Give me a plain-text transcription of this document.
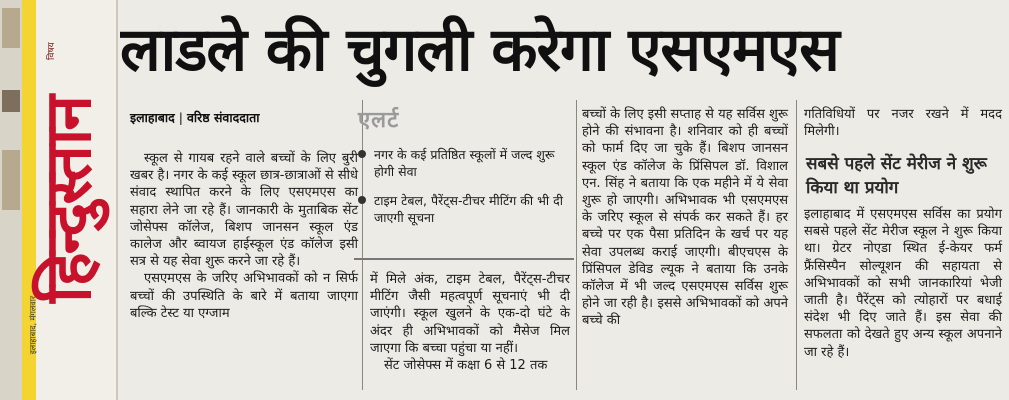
विषय
इलाहाबाद, मंगलवार
हिन्दुस्तान
लाडले की चुगली करेगा एसएमएस
इलाहाबाद | वरिष्ठ संवाददाता

स्कूल से गायब रहने वाले बच्चों के लिए बुरी खबर है। नगर के कई स्कूल छात्र-छात्राओं से सीधे संवाद स्थापित करने के लिए एसएमएस का सहारा लेने जा रहे हैं। जानकारी के मुताबिक सेंट जोसेफ्स कॉलेज, बिशप जानसन स्कूल एंड कालेज और ब्वायज हाईस्कूल एंड कॉलेज इसी सत्र से यह सेवा शुरू करने जा रहे हैं।

एसएमएस के जरिए अभिभावकों को न सिर्फ बच्चों की उपस्थिति के बारे में बताया जाएगा बल्कि टेस्ट या एग्जाम

एलर्ट
नगर के कई प्रतिष्ठित स्कूलों में जल्द शुरू होगी सेवा
टाइम टेबल, पैरेंट्स-टीचर मीटिंग की भी दी जाएगी सूचना

में मिले अंक, टाइम टेबल, पैरेंट्स-टीचर मीटिंग जैसी महत्वपूर्ण सूचनाएं भी दी जाएंगी। स्कूल खुलने के एक-दो घंटे के अंदर ही अभिभावकों को मैसेज मिल जाएगा कि बच्चा पहुंचा या नहीं।

सेंट जोसेफ्स में कक्षा 6 से 12 तक

बच्चों के लिए इसी सप्ताह से यह सर्विस शुरू होने की संभावना है। शनिवार को ही बच्चों को फार्म दिए जा चुके हैं। बिशप जानसन स्कूल एंड कॉलेज के प्रिंसिपल डॉ. विशाल एन. सिंह ने बताया कि एक महीने में ये सेवा शुरू हो जाएगी। अभिभावक भी एसएमएस के जरिए स्कूल से संपर्क कर सकते हैं। हर बच्चे पर एक पैसा प्रतिदिन के खर्च पर यह सेवा उपलब्ध कराई जाएगी। बीएचएस के प्रिंसिपल डेविड ल्यूक ने बताया कि उनके कॉलेज में भी जल्द एसएमएस सर्विस शुरू होने जा रही है। इससे अभिभावकों को अपने बच्चे की

गतिविधियों पर नजर रखने में मदद मिलेगी।

सबसे पहले सेंट मेरीज ने शुरू किया था प्रयोग

इलाहाबाद में एसएमएस सर्विस का प्रयोग सबसे पहले सेंट मेरीज स्कूल ने शुरू किया था। ग्रेटर नोएडा स्थित ई-केयर फर्म फ्रैंसिस्पैन सोल्यूशन की सहायता से अभिभावकों को सभी जानकारियां भेजी जाती है। पैरेंट्स को त्योहारों पर बधाई संदेश भी दिए जाते हैं। इस सेवा की सफलता को देखते हुए अन्य स्कूल अपनाने जा रहे हैं।
